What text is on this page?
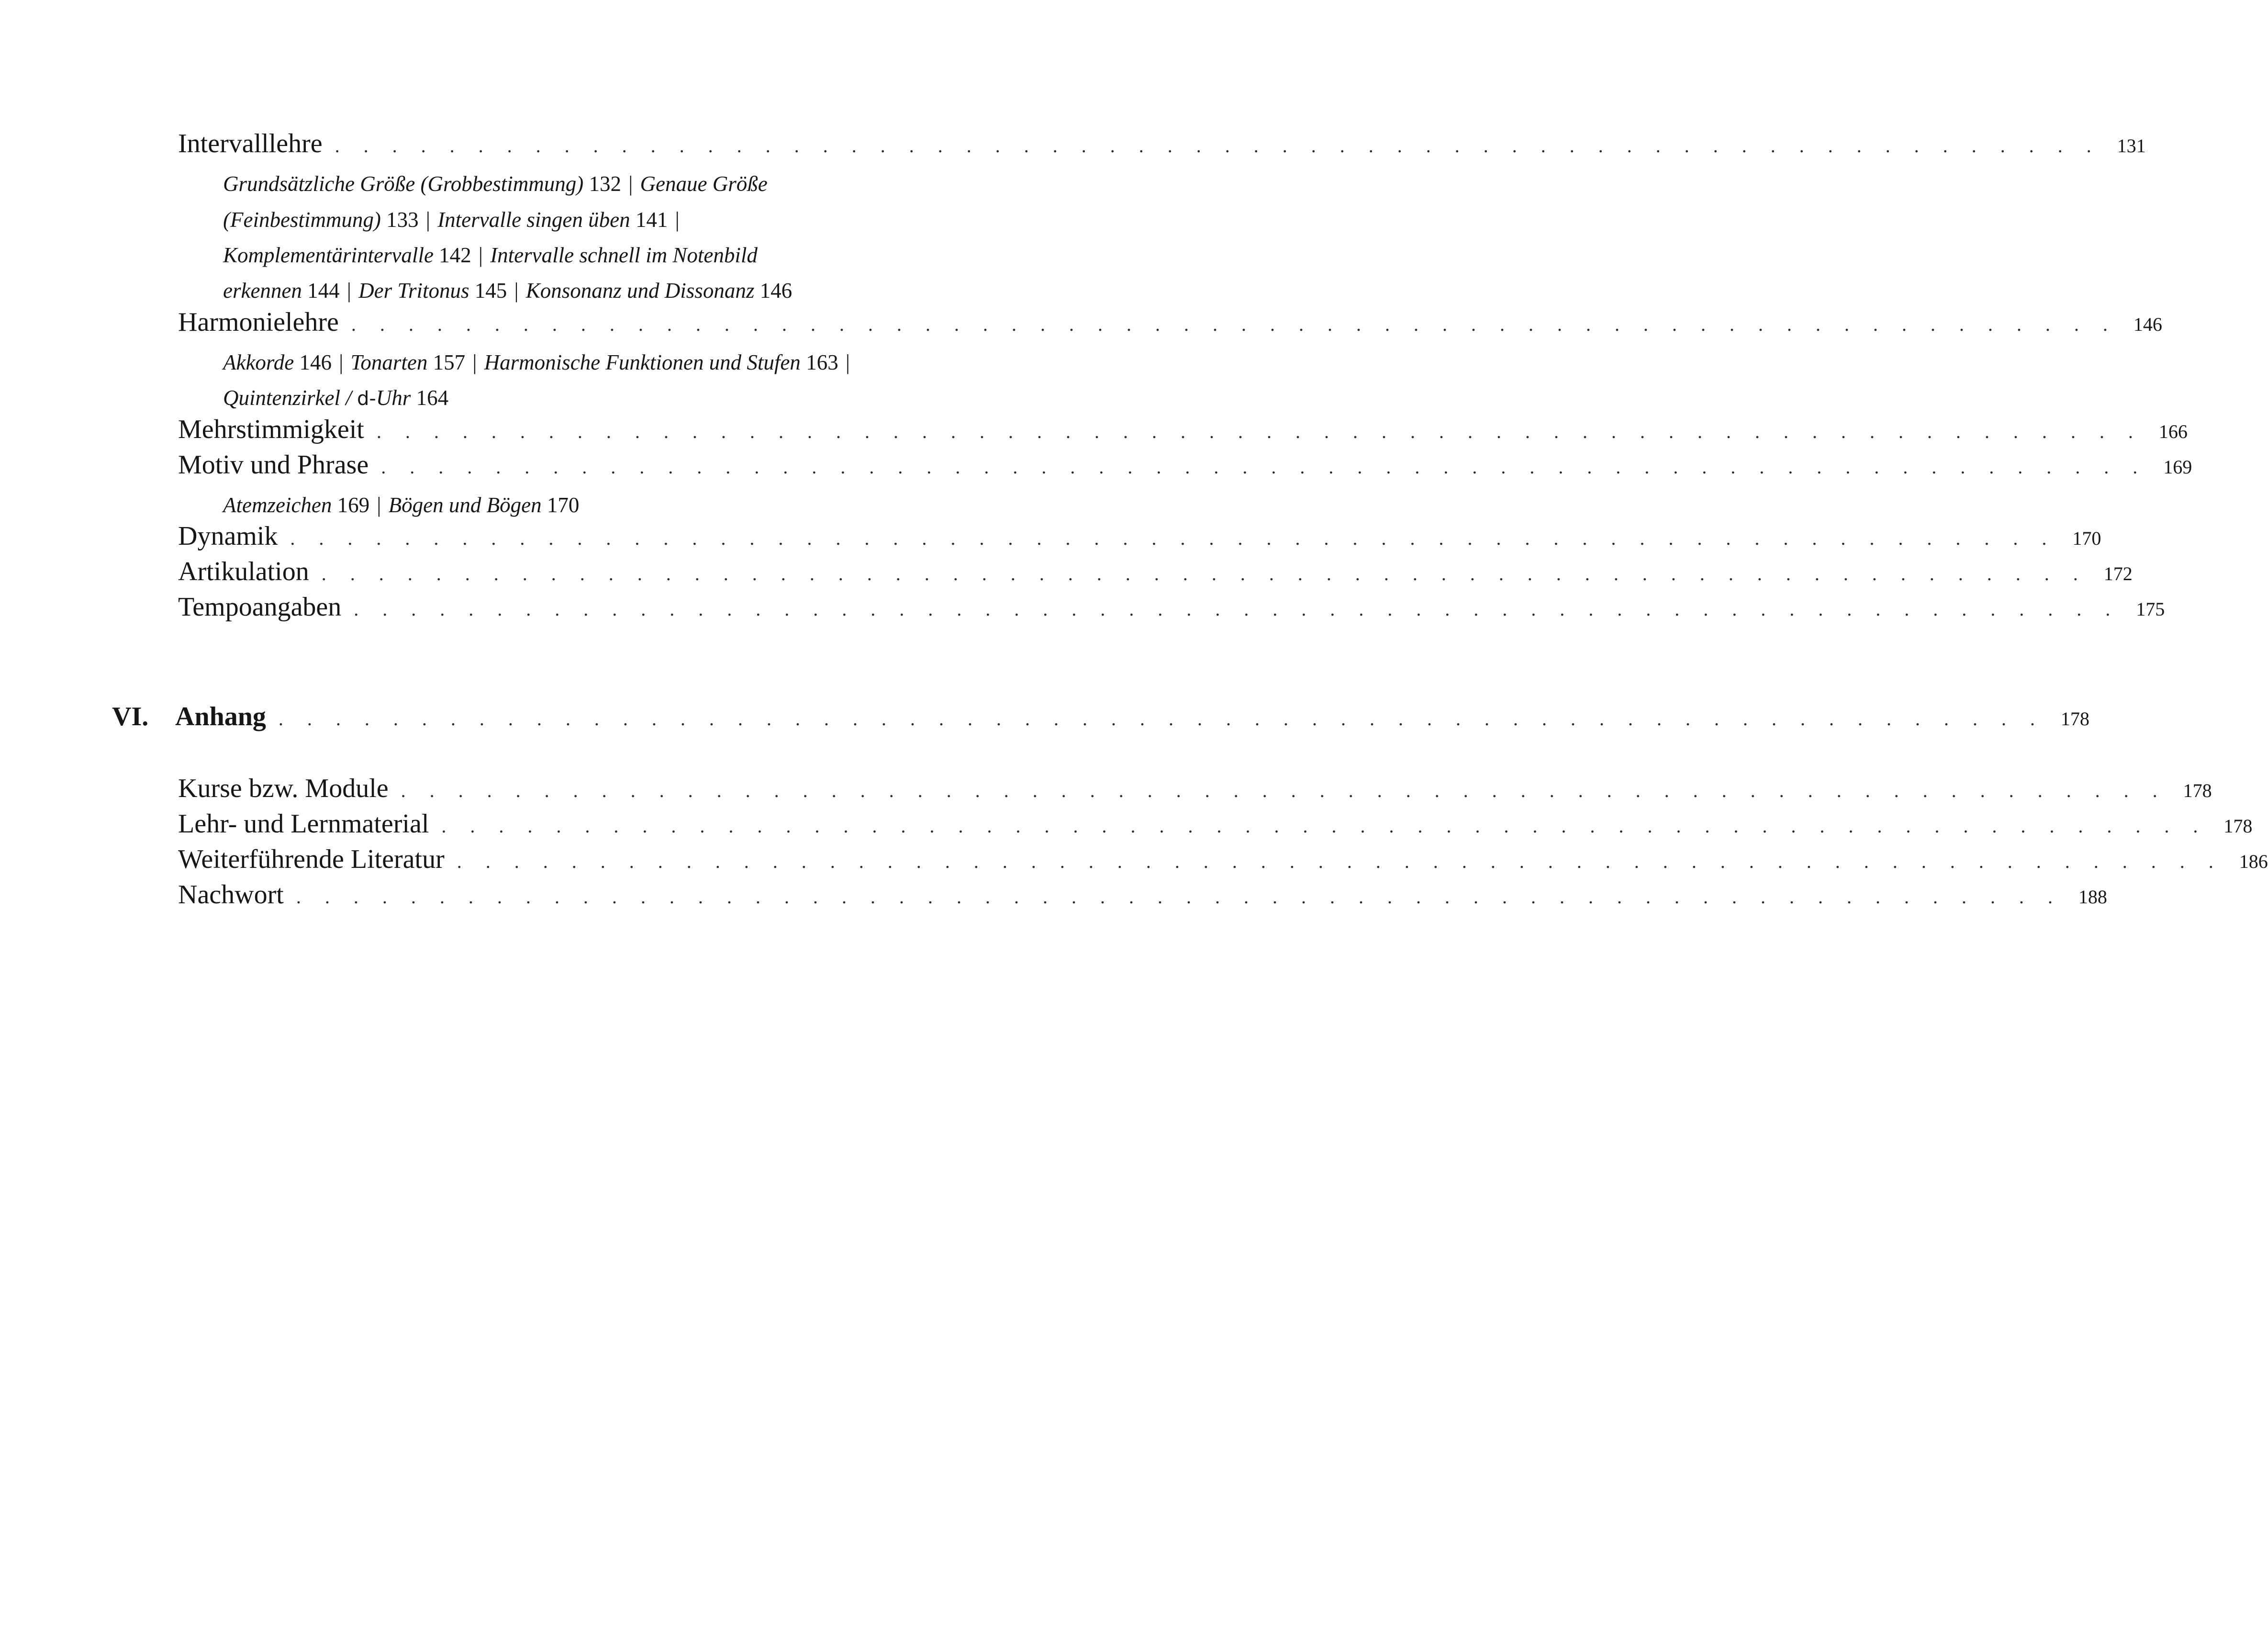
Intervalllehre . . . . . . . . . . . . . . . . . . . . . . . . . . . . . . . . . . . . . . . . . . . . . . . . . . . . . . . . . . . . . . 131
Grundsätzliche Größe (Grobbestimmung) 132 | Genaue Größe
(Feinbestimmung) 133 | Intervalle singen üben 141 |
Komplementärintervalle 142 | Intervalle schnell im Notenbild
erkennen 144 | Der Tritonus 145 | Konsonanz und Dissonanz 146
Harmonielehre . . . . . . . . . . . . . . . . . . . . . . . . . . . . . . . . . . . . . . . . . . . . . . . . . . . . . . . . . . . . . . 146
Akkorde 146 | Tonarten 157 | Harmonische Funktionen und Stufen 163 |
Quintenzirkel / d-Uhr 164
Mehrstimmigkeit . . . . . . . . . . . . . . . . . . . . . . . . . . . . . . . . . . . . . . . . . . . . . . . . . . . . . . . . . . . . . . 166
Motiv und Phrase . . . . . . . . . . . . . . . . . . . . . . . . . . . . . . . . . . . . . . . . . . . . . . . . . . . . . . . . . . . . . . 169
Atemzeichen 169 | Bögen und Bögen 170
Dynamik . . . . . . . . . . . . . . . . . . . . . . . . . . . . . . . . . . . . . . . . . . . . . . . . . . . . . . . . . . . . . . 170
Artikulation . . . . . . . . . . . . . . . . . . . . . . . . . . . . . . . . . . . . . . . . . . . . . . . . . . . . . . . . . . . . . . 172
Tempoangaben . . . . . . . . . . . . . . . . . . . . . . . . . . . . . . . . . . . . . . . . . . . . . . . . . . . . . . . . . . . . . . 175
VI. Anhang . . . . . . . . . . . . . . . . . . . . . . . . . . . . . . . . . . . . . . . . . . . . . . . . . . . . . . . . . . . . . . 178
Kurse bzw. Module . . . . . . . . . . . . . . . . . . . . . . . . . . . . . . . . . . . . . . . . . . . . . . . . . . . . . . . . . . . . . . 178
Lehr- und Lernmaterial . . . . . . . . . . . . . . . . . . . . . . . . . . . . . . . . . . . . . . . . . . . . . . . . . . . . . . . . . . . . . . 178
Weiterführende Literatur . . . . . . . . . . . . . . . . . . . . . . . . . . . . . . . . . . . . . . . . . . . . . . . . . . . . . . . . . . . . . . 186
Nachwort . . . . . . . . . . . . . . . . . . . . . . . . . . . . . . . . . . . . . . . . . . . . . . . . . . . . . . . . . . . . . . 188
